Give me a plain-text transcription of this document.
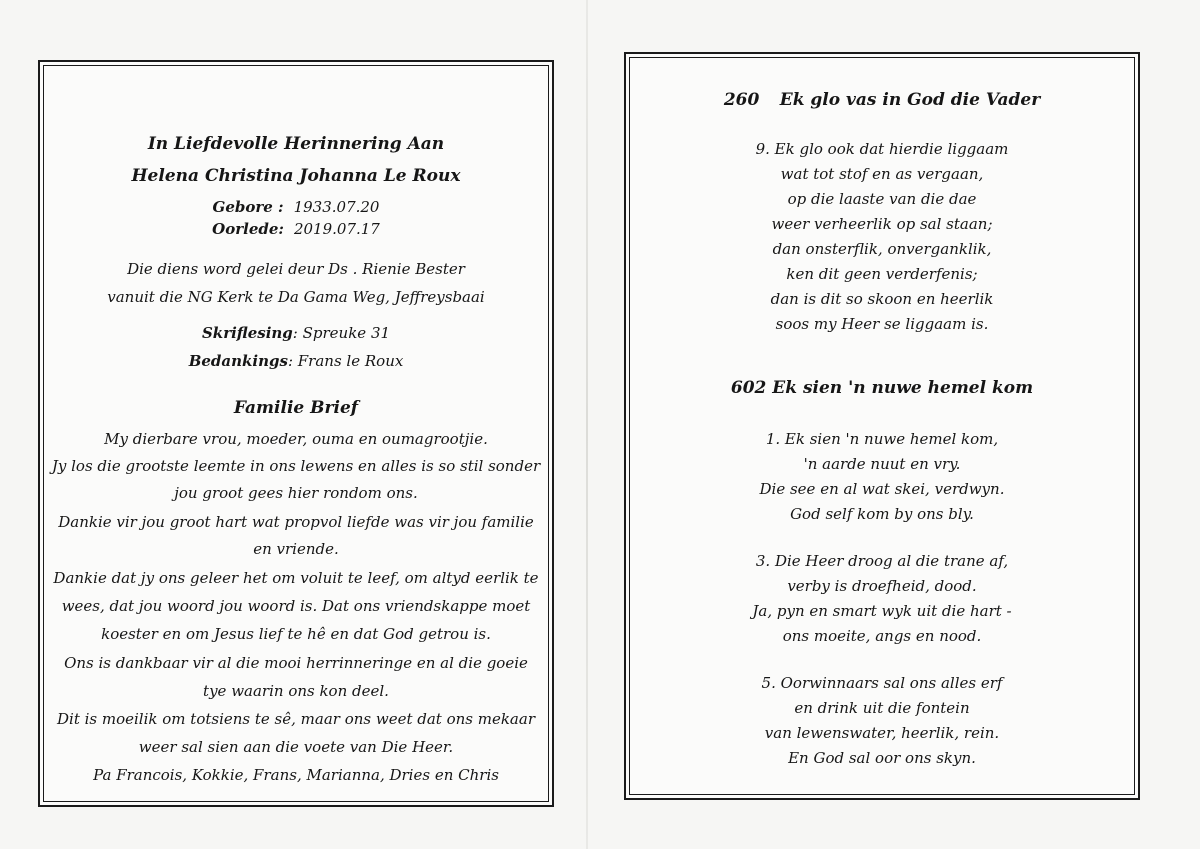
In Liefdevolle Herinnering Aan
Helena Christina Johanna Le Roux
Gebore : 1933.07.20
Oorlede: 2019.07.17
Die diens word gelei deur Ds . Rienie Bester
vanuit die NG Kerk te Da Gama Weg, Jeffreysbaai
Skriflesing: Spreuke 31
Bedankings: Frans le Roux
Familie Brief
My dierbare vrou, moeder, ouma en oumagrootjie.
Jy los die grootste leemte in ons lewens en alles is so stil sonder
jou groot gees hier rondom ons.
Dankie vir jou groot hart wat propvol liefde was vir jou familie
en vriende.
Dankie dat jy ons geleer het om voluit te leef, om altyd eerlik te
wees, dat jou woord jou woord is. Dat ons vriendskappe moet
koester en om Jesus lief te hê en dat God getrou is.
Ons is dankbaar vir al die mooi herrinneringe en al die goeie
tye waarin ons kon deel.
Dit is moeilik om totsiens te sê, maar ons weet dat ons mekaar
weer sal sien aan die voete van Die Heer.
Pa Francois, Kokkie, Frans, Marianna, Dries en Chris
260 Ek glo vas in God die Vader
9. Ek glo ook dat hierdie liggaam
wat tot stof en as vergaan,
op die laaste van die dae
weer verheerlik op sal staan;
dan onsterflik, onverganklik,
ken dit geen verderfenis;
dan is dit so skoon en heerlik
soos my Heer se liggaam is.
602 Ek sien 'n nuwe hemel kom
1. Ek sien 'n nuwe hemel kom,
'n aarde nuut en vry.
Die see en al wat skei, verdwyn.
God self kom by ons bly.
3. Die Heer droog al die trane af,
verby is droefheid, dood.
Ja, pyn en smart wyk uit die hart -
ons moeite, angs en nood.
5. Oorwinnaars sal ons alles erf
en drink uit die fontein
van lewenswater, heerlik, rein.
En God sal oor ons skyn.
